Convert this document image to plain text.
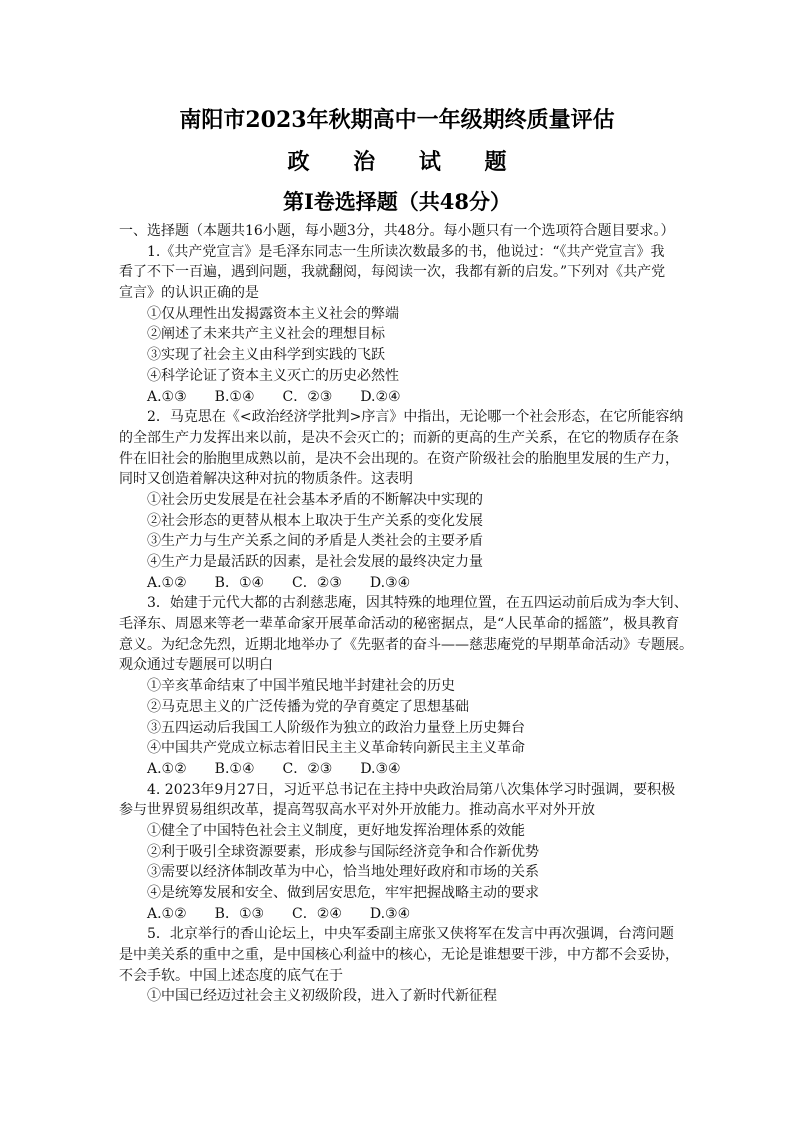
南阳市2023年秋期高中一年级期终质量评估
政 治 试 题
第Ⅰ卷选择题（共48分）
一、选择题（本题共16小题，每小题3分，共48分。每小题只有一个选项符合题目要求。）
1.《共产党宣言》是毛泽东同志一生所读次数最多的书，他说过：“《共产党宣言》我
看了不下一百遍，遇到问题，我就翻阅，每阅读一次，我都有新的启发。”下列对《共产党
宣言》的认识正确的是
①仅从理性出发揭露资本主义社会的弊端
②阐述了未来共产主义社会的理想目标
③实现了社会主义由科学到实践的飞跃
④科学论证了资本主义灭亡的历史必然性
A.①③　　B.①④　　C．②③　　D.②④
2．马克思在《<政治经济学批判>序言》中指出，无论哪一个社会形态，在它所能容纳
的全部生产力发挥出来以前，是决不会灭亡的；而新的更高的生产关系，在它的物质存在条
件在旧社会的胎胞里成熟以前，是决不会出现的。在资产阶级社会的胎胞里发展的生产力，
同时又创造着解决这种对抗的物质条件。这表明
①社会历史发展是在社会基本矛盾的不断解决中实现的
②社会形态的更替从根本上取决于生产关系的变化发展
③生产力与生产关系之间的矛盾是人类社会的主要矛盾
④生产力是最活跃的因素，是社会发展的最终决定力量
A.①②　　B．①④　　C．②③　　D.③④
3．始建于元代大都的古刹慈悲庵，因其特殊的地理位置，在五四运动前后成为李大钊、
毛泽东、周恩来等老一辈革命家开展革命活动的秘密据点，是“人民革命的摇篮”，极具教育
意义。为纪念先烈，近期北地举办了《先驱者的奋斗——慈悲庵党的早期革命活动》专题展。
观众通过专题展可以明白
①辛亥革命结束了中国半殖民地半封建社会的历史
②马克思主义的广泛传播为党的孕育奠定了思想基础
③五四运动后我国工人阶级作为独立的政治力量登上历史舞台
④中国共产党成立标志着旧民主主义革命转向新民主主义革命
A.①②　　B.①④　　C．②③　　D.③④
4. 2023年9月27日，习近平总书记在主持中央政治局第八次集体学习时强调，要积极
参与世界贸易组织改革，提高驾驭高水平对外开放能力。推动高水平对外开放
①健全了中国特色社会主义制度，更好地发挥治理体系的效能
②利于吸引全球资源要素，形成参与国际经济竞争和合作新优势
③需要以经济体制改革为中心，恰当地处理好政府和市场的关系
④是统筹发展和安全、做到居安思危，牢牢把握战略主动的要求
A.①②　　B．①③　　C．②④　　D.③④
5．北京举行的香山论坛上，中央军委副主席张又侠将军在发言中再次强调，台湾问题
是中美关系的重中之重，是中国核心利益中的核心，无论是谁想要干涉，中方都不会妥协，
不会手软。中国上述态度的底气在于
①中国已经迈过社会主义初级阶段，进入了新时代新征程
